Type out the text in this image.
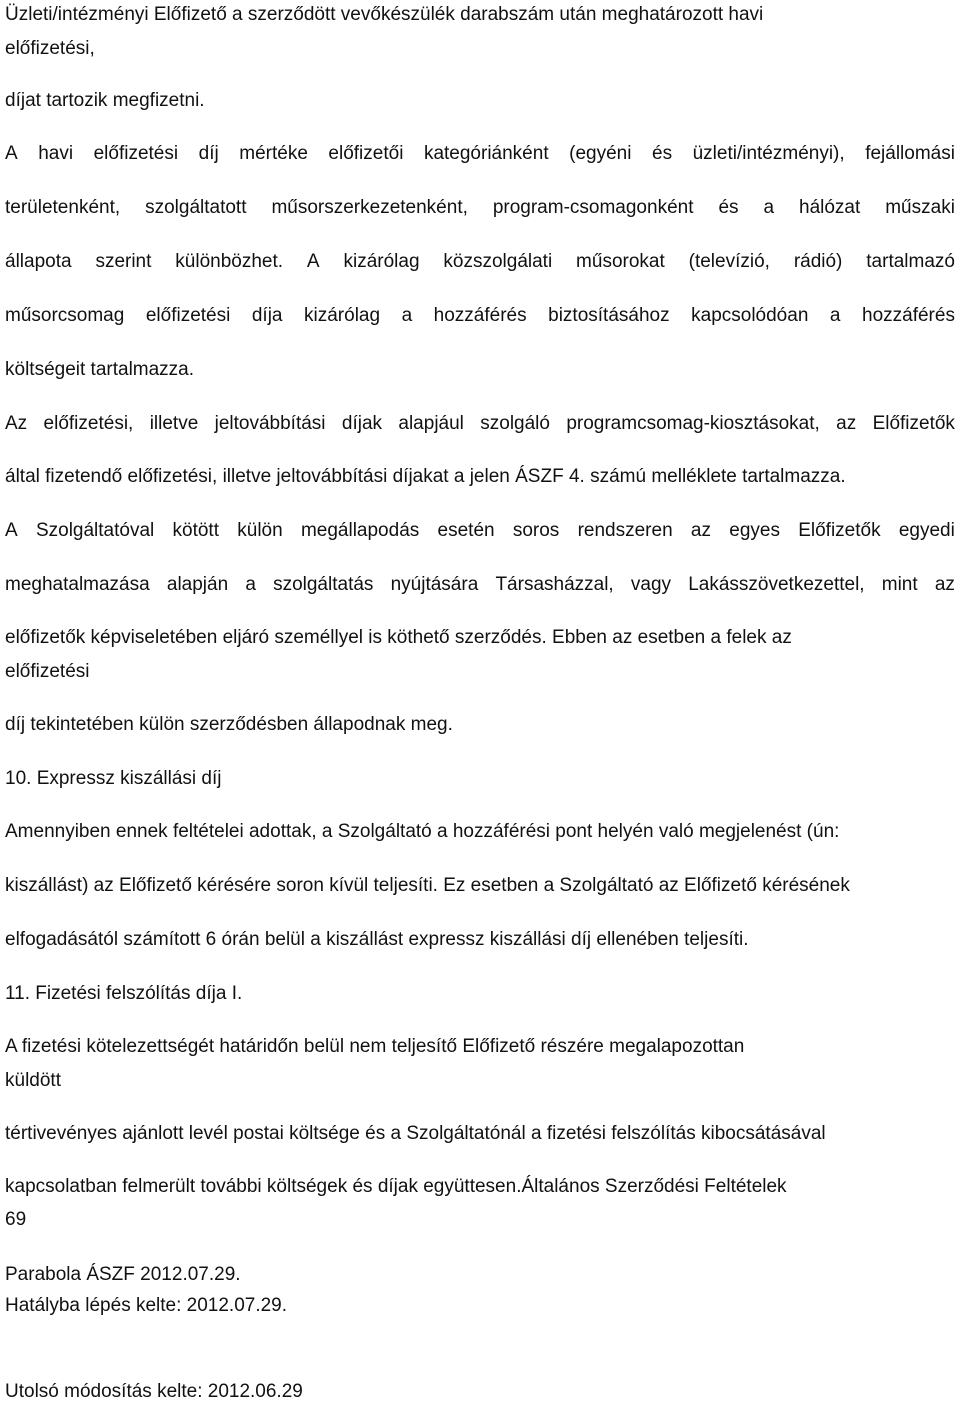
Üzleti/intézményi Előfizető a szerződött vevőkészülék darabszám után meghatározott havi
előfizetési,
díjat tartozik megfizetni.
A havi előfizetési díj mértéke előfizetői kategóriánként (egyéni és üzleti/intézményi), fejállomási
területenként, szolgáltatott műsorszerkezetenként, program-csomagonként és a hálózat műszaki
állapota szerint különbözhet. A kizárólag közszolgálati műsorokat (televízió, rádió) tartalmazó
műsorcsomag előfizetési díja kizárólag a hozzáférés biztosításához kapcsolódóan a hozzáférés
költségeit tartalmazza.
Az előfizetési, illetve jeltovábbítási díjak alapjául szolgáló programcsomag-kiosztásokat, az Előfizetők
által fizetendő előfizetési, illetve jeltovábbítási díjakat a jelen ÁSZF 4. számú melléklete tartalmazza.
A Szolgáltatóval kötött külön megállapodás esetén soros rendszeren az egyes Előfizetők egyedi
meghatalmazása alapján a szolgáltatás nyújtására Társasházzal, vagy Lakásszövetkezettel, mint az
előfizetők képviseletében eljáró személlyel is köthető szerződés. Ebben az esetben a felek az
előfizetési
díj tekintetében külön szerződésben állapodnak meg.
10. Expressz kiszállási díj
Amennyiben ennek feltételei adottak, a Szolgáltató a hozzáférési pont helyén való megjelenést (ún:
kiszállást) az Előfizető kérésére soron kívül teljesíti. Ez esetben a Szolgáltató az Előfizető kérésének
elfogadásától számított 6 órán belül a kiszállást expressz kiszállási díj ellenében teljesíti.
11. Fizetési felszólítás díja I.
A fizetési kötelezettségét határidőn belül nem teljesítő Előfizető részére megalapozottan
küldött
tértivevényes ajánlott levél postai költsége és a Szolgáltatónál a fizetési felszólítás kibocsátásával
kapcsolatban felmerült további költségek és díjak együttesen.Általános Szerződési Feltételek
69
Parabola ÁSZF 2012.07.29.
Hatályba lépés kelte: 2012.07.29.
Utolsó módosítás kelte: 2012.06.29
